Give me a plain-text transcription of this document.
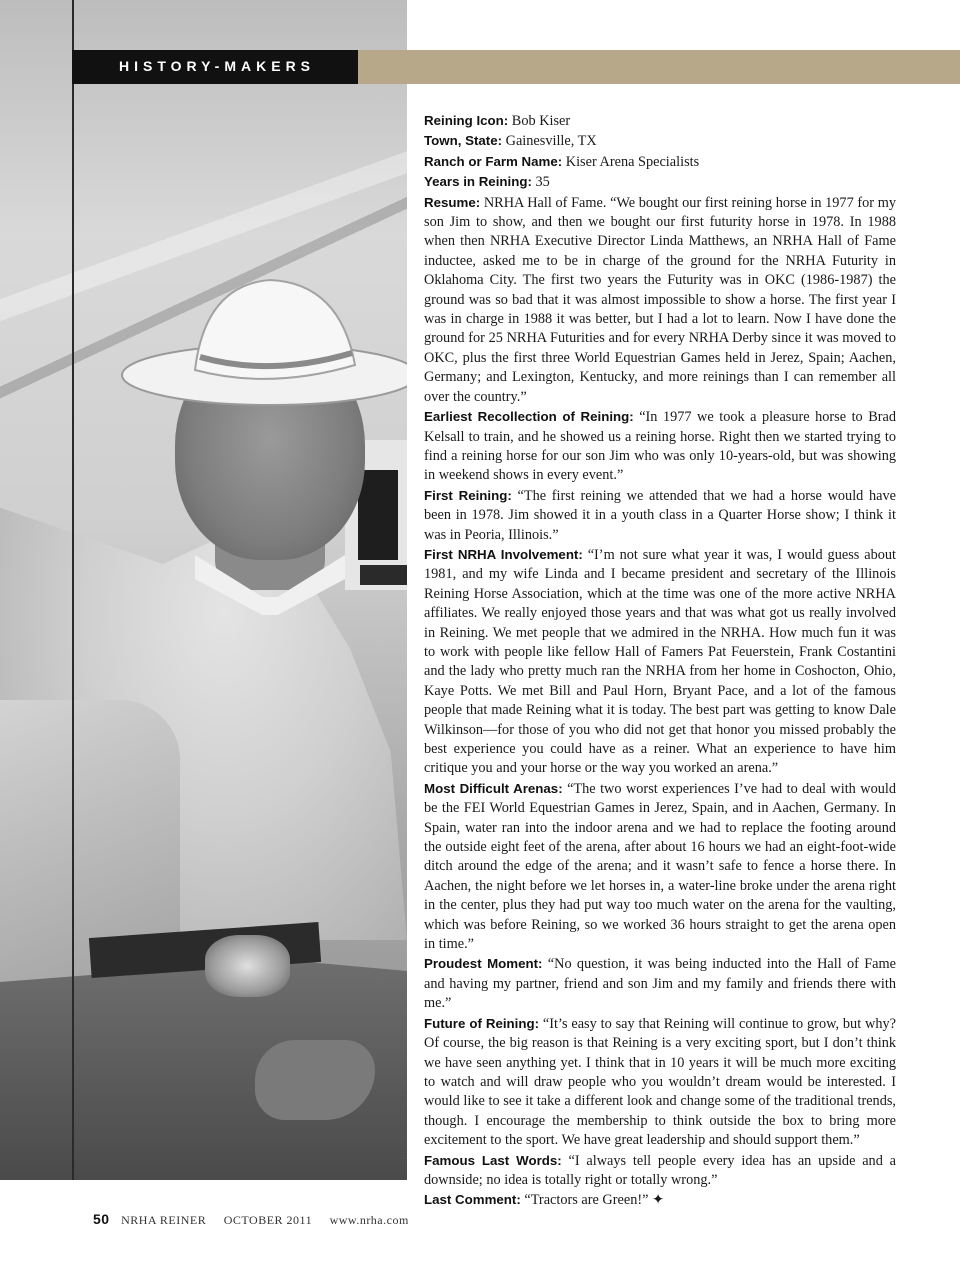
BUCKY HARRIS
HISTORY-MAKERS

Reining Icon: Bob Kiser

Town, State: Gainesville, TX

Ranch or Farm Name: Kiser Arena Specialists

Years in Reining: 35

Resume: NRHA Hall of Fame. “We bought our first reining horse in 1977 for my son Jim to show, and then we bought our first futurity horse in 1978. In 1988 when then NRHA Executive Director Linda Matthews, an NRHA Hall of Fame inductee, asked me to be in charge of the ground for the NRHA Futurity in Oklahoma City. The first two years the Futurity was in OKC (1986-1987) the ground was so bad that it was almost impossible to show a horse. The first year I was in charge in 1988 it was better, but I had a lot to learn. Now I have done the ground for 25 NRHA Futurities and for every NRHA Derby since it was moved to OKC, plus the first three World Equestrian Games held in Jerez, Spain; Aachen, Germany; and Lexington, Kentucky, and more reinings than I can remember all over the country.”

Earliest Recollection of Reining: “In 1977 we took a pleasure horse to Brad Kelsall to train, and he showed us a reining horse. Right then we started trying to find a reining horse for our son Jim who was only 10-years-old, but was showing in weekend shows in every event.”

First Reining: “The first reining we attended that we had a horse would have been in 1978. Jim showed it in a youth class in a Quarter Horse show; I think it was in Peoria, Illinois.”

First NRHA Involvement: “I’m not sure what year it was, I would guess about 1981, and my wife Linda and I became president and secretary of the Illinois Reining Horse Association, which at the time was one of the more active NRHA affiliates. We really enjoyed those years and that was what got us really involved in Reining. We met people that we admired in the NRHA. How much fun it was to work with people like fellow Hall of Famers Pat Feuerstein, Frank Costantini and the lady who pretty much ran the NRHA from her home in Coshocton, Ohio, Kaye Potts. We met Bill and Paul Horn, Bryant Pace, and a lot of the famous people that made Reining what it is today. The best part was getting to know Dale Wilkinson—for those of you who did not get that honor you missed probably the best experience you could have as a reiner. What an experience to have him critique you and your horse or the way you worked an arena.”

Most Difficult Arenas: “The two worst experiences I’ve had to deal with would be the FEI World Equestrian Games in Jerez, Spain, and in Aachen, Germany. In Spain, water ran into the indoor arena and we had to replace the footing around the outside eight feet of the arena, after about 16 hours we had an eight-foot-wide ditch around the edge of the arena; and it wasn’t safe to fence a horse there. In Aachen, the night before we let horses in, a water-line broke under the arena right in the center, plus they had put way too much water on the arena for the vaulting, which was before Reining, so we worked 36 hours straight to get the arena open in time.”

Proudest Moment: “No question, it was being inducted into the Hall of Fame and having my partner, friend and son Jim and my family and friends there with me.”

Future of Reining: “It’s easy to say that Reining will continue to grow, but why? Of course, the big reason is that Reining is a very exciting sport, but I don’t think we have seen anything yet. I think that in 10 years it will be much more exciting to watch and will draw people who you wouldn’t dream would be interested. I would like to see it take a different look and change some of the traditional trends, though. I encourage the membership to think outside the box to bring more excitement to the sport. We have great leadership and should support them.”

Famous Last Words: “I always tell people every idea has an upside and a downside; no idea is totally right or totally wrong.”

Last Comment: “Tractors are Green!” ✦

50 NRHA REINER OCTOBER 2011 www.nrha.com
